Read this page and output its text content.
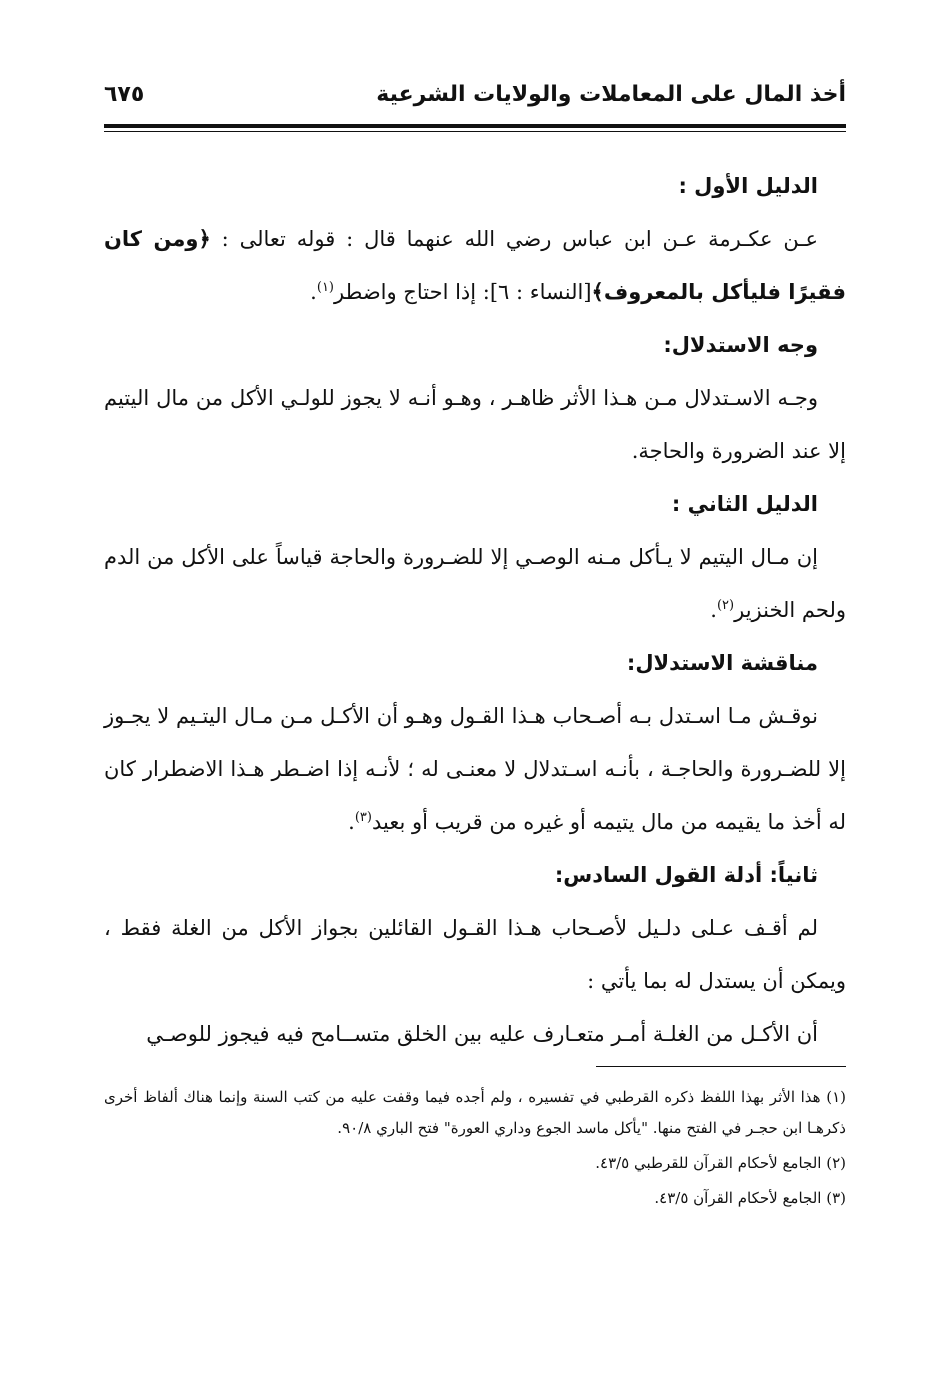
أخذ المال على المعاملات والولايات الشرعية
٦٧٥
الدليل الأول :

عـن عكـرمة عـن ابن عباس رضي الله عنهما قال : قوله تعالى : ﴿ومن كان فقيرًا فليأكل بالمعروف﴾[النساء : ٦]: إذا احتاج واضطر$^{(١)}$.

وجه الاستدلال:

وجـه الاسـتدلال مـن هـذا الأثر ظاهـر ، وهـو أنـه لا يجوز للولـي الأكل من مال اليتيم إلا عند الضرورة والحاجة.

الدليل الثاني :

إن مـال اليتيم لا يـأكل مـنه الوصـي إلا للضـرورة والحاجة قياساً على الأكل من الدم ولحم الخنزير$^{(٢)}$.

مناقشة الاستدلال:

نوقـش مـا اسـتدل بـه أصـحاب هـذا القـول وهـو أن الأكـل مـن مـال اليتـيم لا يجـوز إلا للضـرورة والحاجـة ، بأنـه اسـتدلال لا معنـى له ؛ لأنـه إذا اضـطر هـذا الاضطرار كان له أخذ ما يقيمه من مال يتيمه أو غيره من قريب أو بعيد$^{(٣)}$.

ثانياً: أدلة القول السادس:

لم أقـف عـلى دلـيل لأصـحاب هـذا القـول القائلين بجواز الأكل من الغلة فقط ، ويمكن أن يستدل له بما يأتي :

أن الأكـل من الغلـة أمـر متعـارف عليه بين الخلق متســامح فيه فيجوز للوصـي

(١) هذا الأثر بهذا اللفظ ذكره القرطبي في تفسيره ، ولم أجده فيما وقفت عليه من كتب السنة وإنما هناك ألفاظ أخرى ذكرهـا ابن حجـر في الفتح منها. "يأكل ماسد الجوع وداري العورة" فتح الباري ٩٠/٨.

(٢) الجامع لأحكام القرآن للقرطبي ٤٣/٥.

(٣) الجامع لأحكام القرآن ٤٣/٥.
